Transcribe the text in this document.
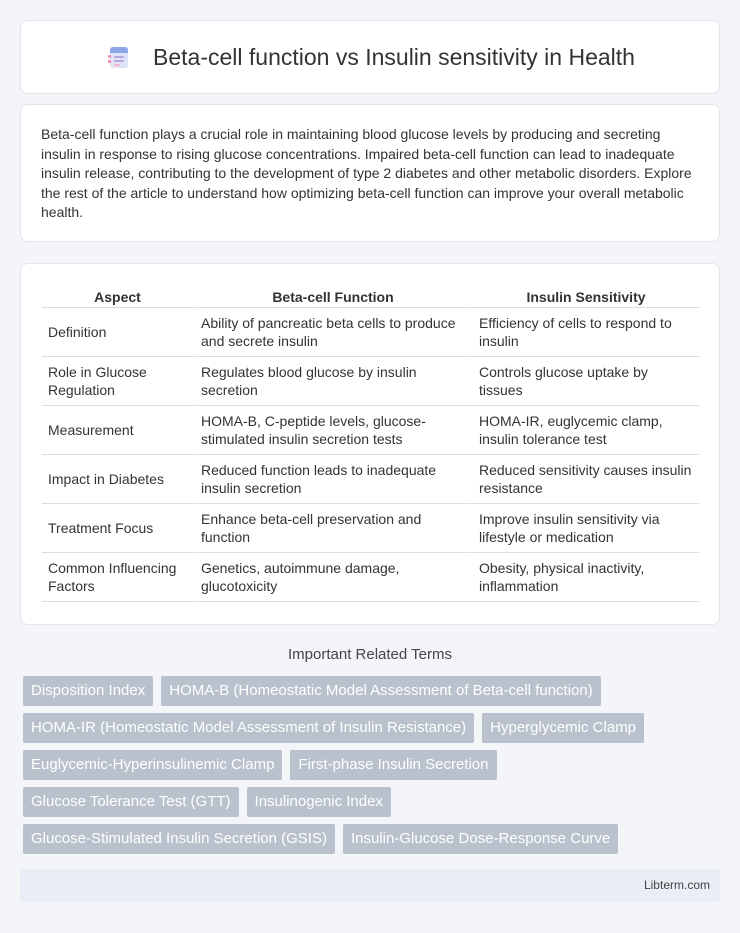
Beta-cell function vs Insulin sensitivity in Health

Beta-cell function plays a crucial role in maintaining blood glucose levels by producing and secreting insulin in response to rising glucose concentrations. Impaired beta-cell function can lead to inadequate insulin release, contributing to the development of type 2 diabetes and other metabolic disorders. Explore the rest of the article to understand how optimizing beta-cell function can improve your overall metabolic health.

Aspect	Beta-cell Function	Insulin Sensitivity
Definition	Ability of pancreatic beta cells to produce and secrete insulin	Efficiency of cells to respond to insulin
Role in Glucose Regulation	Regulates blood glucose by insulin secretion	Controls glucose uptake by tissues
Measurement	HOMA-B, C-peptide levels, glucose-stimulated insulin secretion tests	HOMA-IR, euglycemic clamp, insulin tolerance test
Impact in Diabetes	Reduced function leads to inadequate insulin secretion	Reduced sensitivity causes insulin resistance
Treatment Focus	Enhance beta-cell preservation and function	Improve insulin sensitivity via lifestyle or medication
Common Influencing Factors	Genetics, autoimmune damage, glucotoxicity	Obesity, physical inactivity, inflammation
Important Related Terms
Disposition Index	HOMA-B (Homeostatic Model Assessment of Beta-cell function)
HOMA-IR (Homeostatic Model Assessment of Insulin Resistance)	Hyperglycemic Clamp
Euglycemic-Hyperinsulinemic Clamp	First-phase Insulin Secretion
Glucose Tolerance Test (GTT)	Insulinogenic Index
Glucose-Stimulated Insulin Secretion (GSIS)	Insulin-Glucose Dose-Response Curve
Libterm.com
